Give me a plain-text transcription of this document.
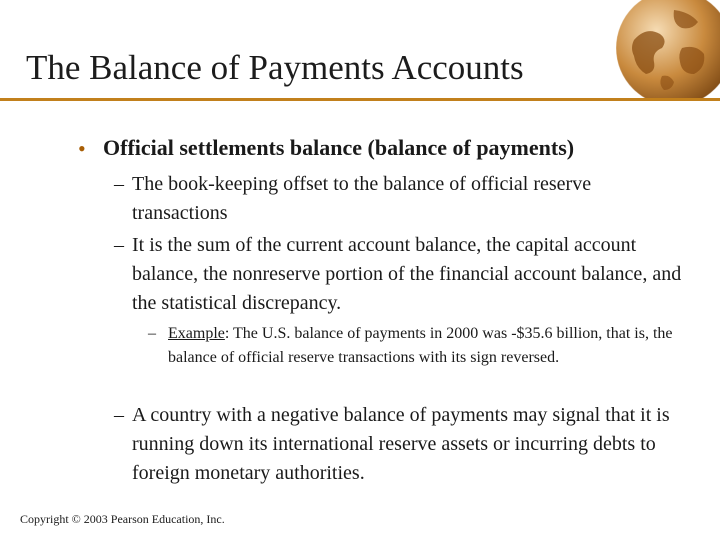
The Balance of Payments Accounts
• Official settlements balance (balance of payments)
– The book-keeping offset to the balance of official reserve transactions
– It is the sum of the current account balance, the capital account balance, the nonreserve portion of the financial account balance, and the statistical discrepancy.
– Example: The U.S. balance of payments in 2000 was -$35.6 billion, that is, the balance of official reserve transactions with its sign reversed.
– A country with a negative balance of payments may signal that it is running down its international reserve assets or incurring debts to foreign monetary authorities.
Copyright © 2003 Pearson Education, Inc.
